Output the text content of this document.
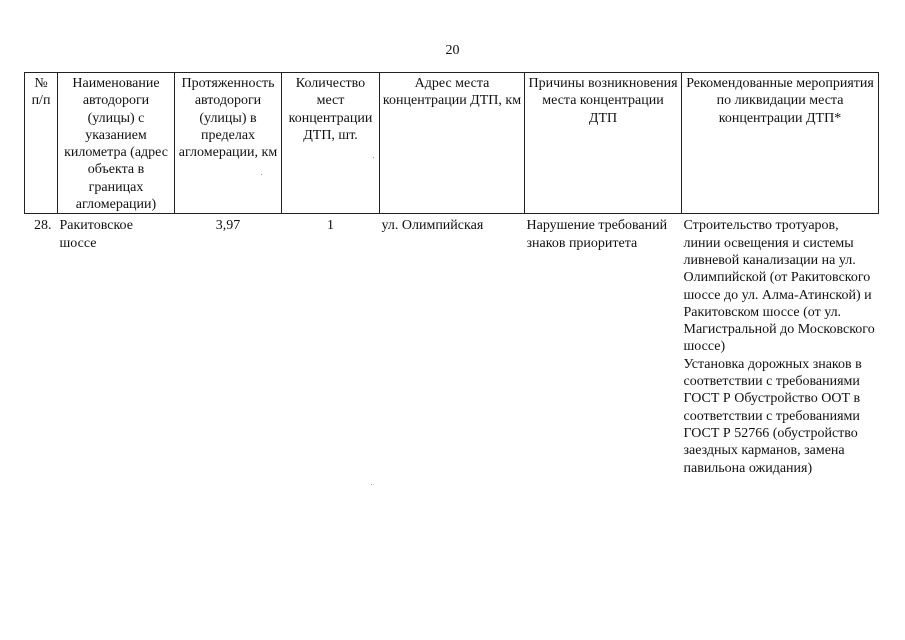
20
№ п/п	Наименование автодороги (улицы) с указанием километра (адрес объекта в границах агломерации)	Протяженность автодороги (улицы) в пределах агломерации, км	Количество мест концентрации ДТП, шт.	Адрес места концентрации ДТП, км	Причины возникновения места концентрации ДТП	Рекомендованные мероприятия по ликвидации места концентрации ДТП*
28.	Ракитовское шоссе	3,97	1	ул. Олимпийская	Нарушение требований знаков приоритета	Строительство тротуаров, линии освещения и системы ливневой канализации на ул. Олимпийской (от Ракитовского шоссе до ул. Алма-Атинской) и Ракитовском шоссе (от ул. Магистральной до Московского шоссе)
Установка дорожных знаков в соответствии с требованиями ГОСТ Р Обустройство ООТ в соответствии с требованиями ГОСТ Р 52766 (обустройство заездных карманов, замена павильона ожидания)
